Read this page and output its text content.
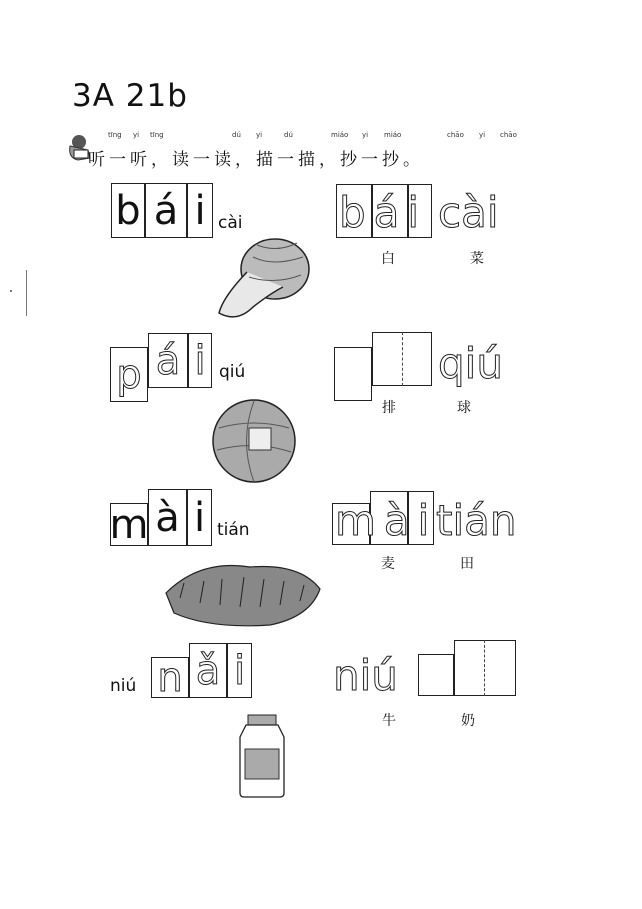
3A 21b
tīng yi tīng	dú yi	dú	miáo yi miáo	chāo yi chāo
听一听，读一读，描一描，抄一抄。
b á i cài bái cài
白	菜
p á i qiú	qiú
排	球
m à i tián mài
tián
麦	田
niú n ǎ i niú
牛	奶
